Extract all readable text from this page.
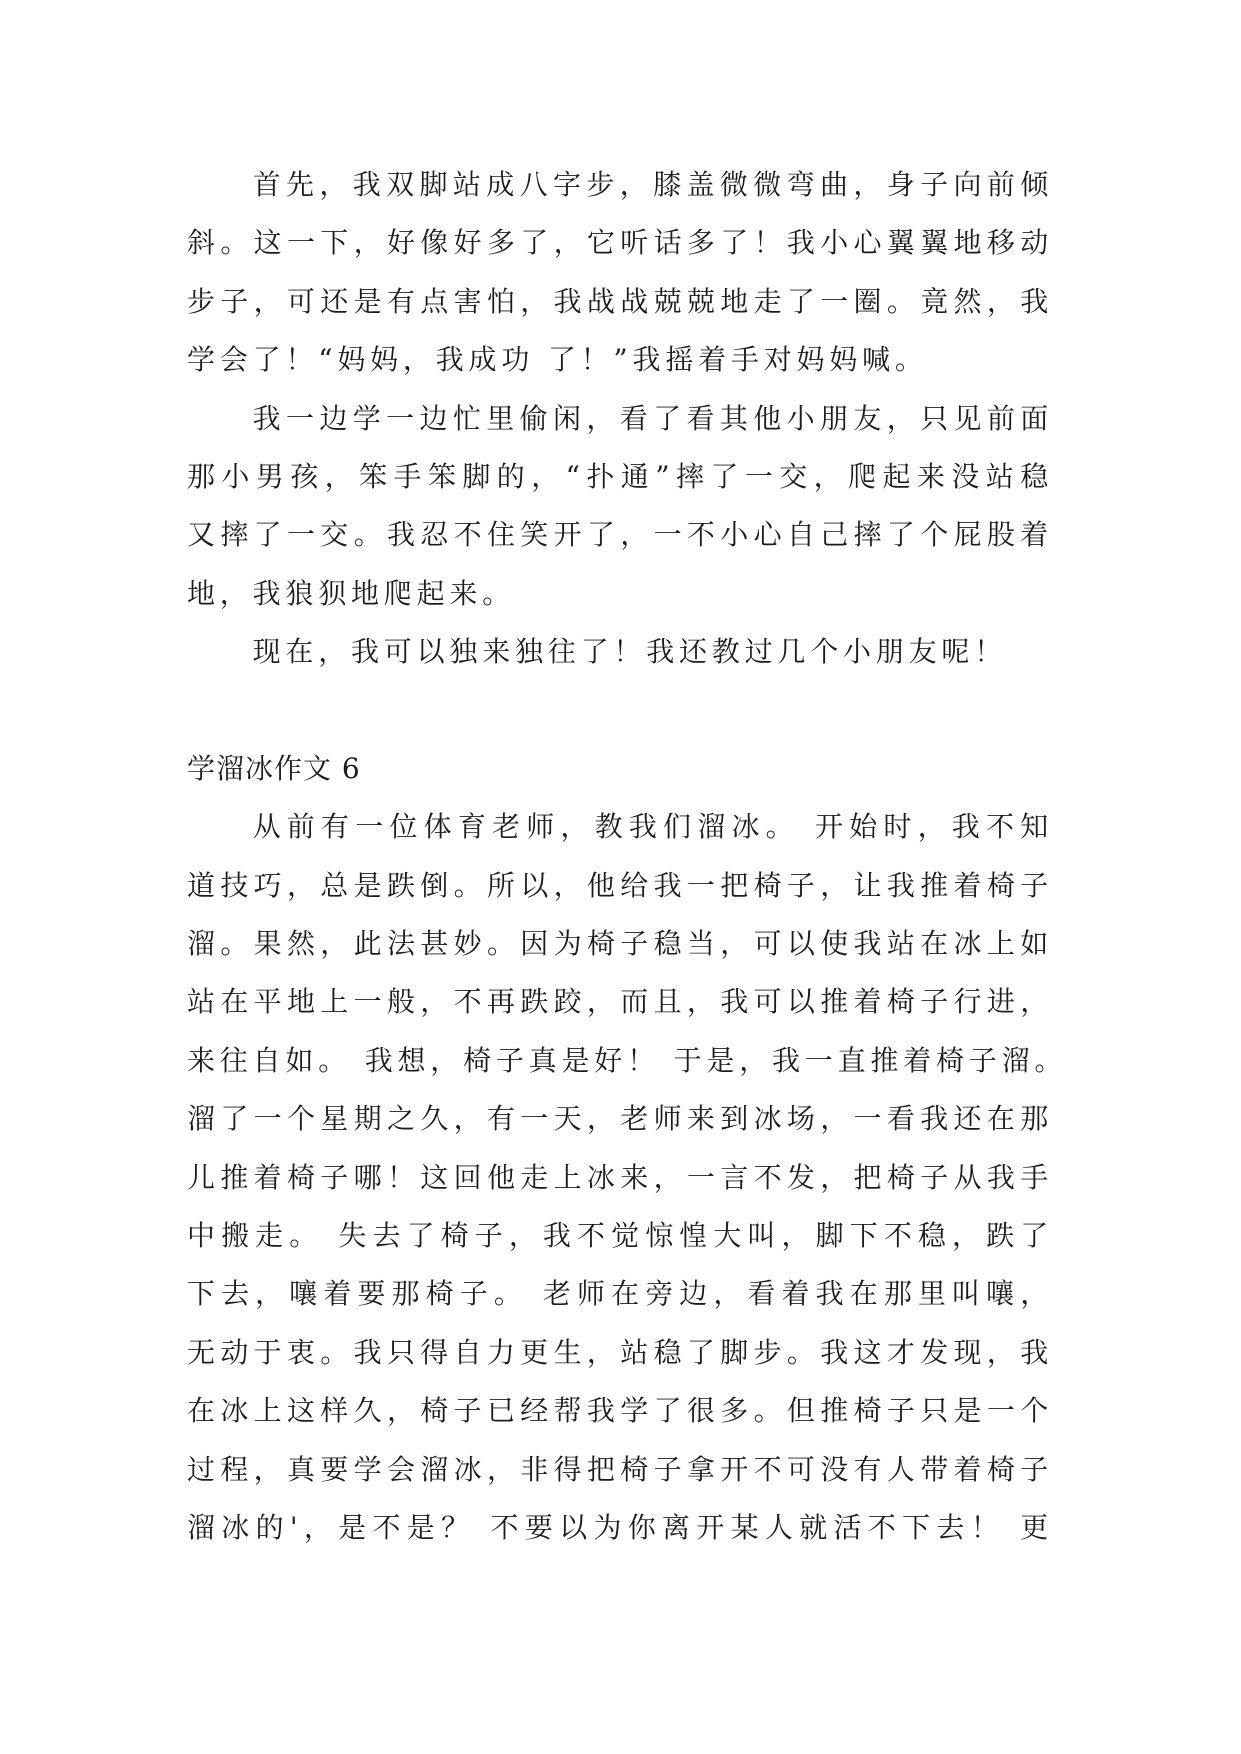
首先，我双脚站成八字步，膝盖微微弯曲，身子向前倾
斜。这一下，好像好多了，它听话多了！我小心翼翼地移动
步子，可还是有点害怕，我战战兢兢地走了一圈。竟然，我
学会了！“妈妈，我成功 了！”我摇着手对妈妈喊。
我一边学一边忙里偷闲，看了看其他小朋友，只见前面
那小男孩，笨手笨脚的，“扑通”摔了一交，爬起来没站稳
又摔了一交。我忍不住笑开了，一不小心自己摔了个屁股着
地，我狼狈地爬起来。
现在，我可以独来独往了！我还教过几个小朋友呢！
学溜冰作文 6
从前有一位体育老师，教我们溜冰。 开始时，我不知
道技巧，总是跌倒。所以，他给我一把椅子，让我推着椅子
溜。果然，此法甚妙。因为椅子稳当，可以使我站在冰上如
站在平地上一般，不再跌跤，而且，我可以推着椅子行进，
来往自如。 我想，椅子真是好！ 于是，我一直推着椅子溜。
溜了一个星期之久，有一天，老师来到冰场，一看我还在那
儿推着椅子哪！这回他走上冰来，一言不发，把椅子从我手
中搬走。 失去了椅子，我不觉惊惶大叫，脚下不稳，跌了
下去，嚷着要那椅子。 老师在旁边，看着我在那里叫嚷，
无动于衷。我只得自力更生，站稳了脚步。我这才发现，我
在冰上这样久，椅子已经帮我学了很多。但推椅子只是一个
过程，真要学会溜冰，非得把椅子拿开不可没有人带着椅子
溜冰的'，是不是？ 不要以为你离开某人就活不下去！ 更
